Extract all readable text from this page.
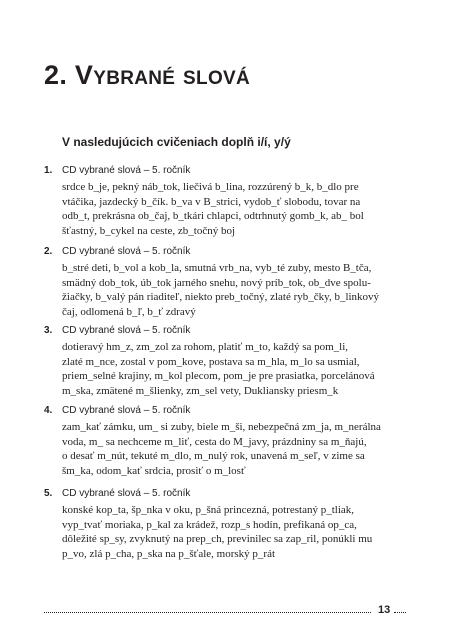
2. Vybrané slová

V nasledujúcich cvičeniach doplň i/í, y/ý

1. CD vybrané slová – 5. ročník
srdce b_je, pekný náb_tok, liečivá b_lina, rozzúrený b_k, b_dlo pre
vtáčika, jazdecký b_čík. b_va v B_strici, vydob_ť slobodu, tovar na
odb_t, prekrásna ob_čaj, b_tkári chlapci, odtrhnutý gomb_k, ab_ bol
šťastný, b_cykel na ceste, zb_točný boj
2. CD vybrané slová – 5. ročník
b_stré deti, b_vol a kob_la, smutná vrb_na, vyb_té zuby, mesto B_tča,
smädný dob_tok, úb_tok jarného snehu, nový príb_tok, ob_dve spolu-
žiačky, b_valý pán riaditeľ, niekto preb_točný, zlaté ryb_čky, b_linkový
čaj, odlomená b_ľ, b_ť zdravý
3. CD vybrané slová – 5. ročník
dotieravý hm_z, zm_zol za rohom, platiť m_to, každý sa pom_li,
zlaté m_nce, zostal v pom_kove, postava sa m_hla, m_lo sa usmial,
priem_selné krajiny, m_kol plecom, pom_je pre prasiatka, porcelánová
m_ska, zmätené m_šlienky, zm_sel vety, Dukliansky priesm_k
4. CD vybrané slová – 5. ročník
zam_kať zámku, um_ si zuby, biele m_ši, nebezpečná zm_ja, m_nerálna
voda, m_ sa nechceme m_liť, cesta do M_javy, prázdniny sa m_ňajú,
o desať m_nút, tekuté m_dlo, m_nulý rok, unavená m_seľ, v zime sa
šm_ka, odom_kať srdcia, prosiť o m_losť
5. CD vybrané slová – 5. ročník
konské kop_ta, šp_nka v oku, p_šná princezná, potrestaný p_tliak,
vyp_tvať moriaka, p_kal za krádež, rozp_s hodín, prefikaná op_ca,
dôležité sp_sy, zvyknutý na prep_ch, previnilec sa zap_ril, ponúkli mu
p_vo, zlá p_cha, p_ska na p_šťale, morský p_rát
13
